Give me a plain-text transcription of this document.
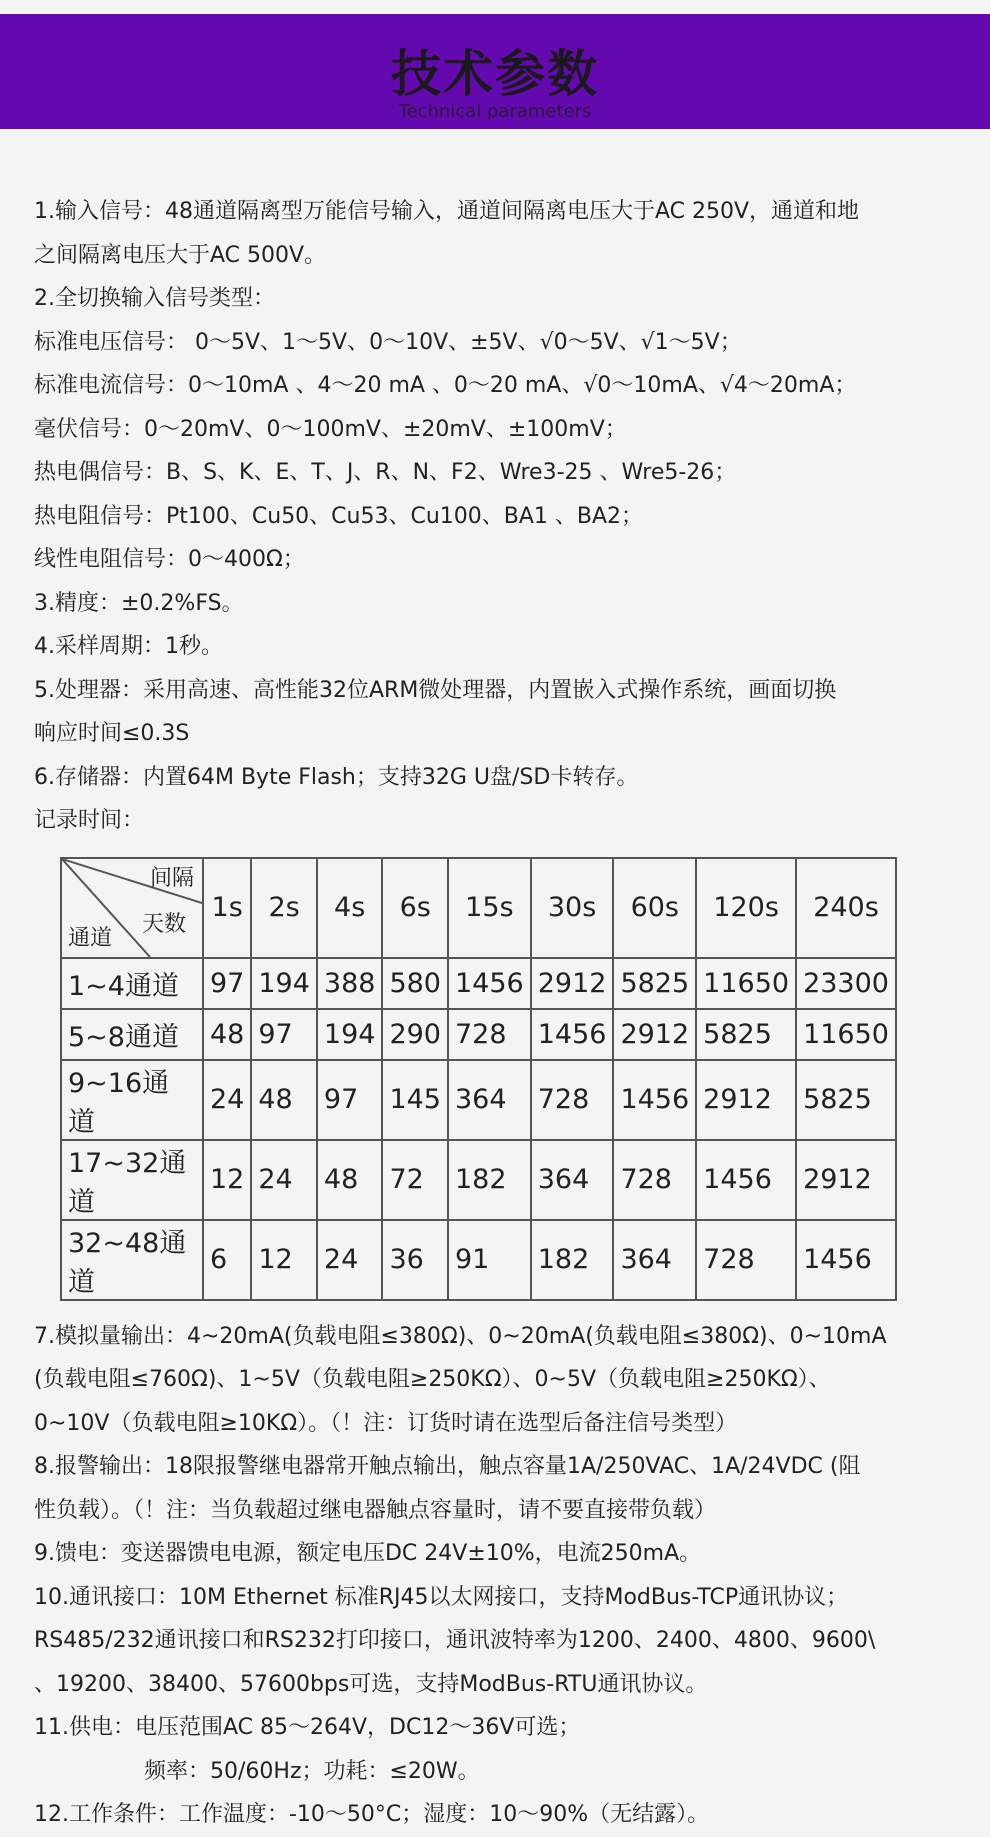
技术参数
Technical parameters
1.输入信号：48通道隔离型万能信号输入，通道间隔离电压大于AC 250V，通道和地
之间隔离电压大于AC 500V。
2.全切换输入信号类型：
标准电压信号： 0～5V、1～5V、0～10V、±5V、√0～5V、√1～5V；
标准电流信号：0～10mA 、4～20 mA 、0～20 mA、√0～10mA、√4～20mA；
毫伏信号：0～20mV、0～100mV、±20mV、±100mV；
热电偶信号：B、S、K、E、T、J、R、N、F2、Wre3-25 、Wre5-26；
热电阻信号：Pt100、Cu50、Cu53、Cu100、BA1 、BA2；
线性电阻信号：0～400Ω；
3.精度：±0.2%FS。
4.采样周期：1秒。
5.处理器：采用高速、高性能32位ARM微处理器，内置嵌入式操作系统，画面切换
响应时间≤0.3S
6.存储器：内置64M Byte Flash；支持32G U盘/SD卡转存。
记录时间：
间隔
天数
通道	1s	2s	4s	6s	15s	30s	60s	120s	240s
1~4通道	97	194	388	580	1456	2912	5825	11650	23300
5~8通道	48	97	194	290	728	1456	2912	5825	11650
9~16通道	24	48	97	145	364	728	1456	2912	5825
17~32通道	12	24	48	72	182	364	728	1456	2912
32~48通道	6	12	24	36	91	182	364	728	1456
7.模拟量输出：4~20mA(负载电阻≤380Ω)、0~20mA(负载电阻≤380Ω)、0~10mA
(负载电阻≤760Ω)、1~5V（负载电阻≥250KΩ）、0~5V（负载电阻≥250KΩ）、
0~10V（负载电阻≥10KΩ）。（！注：订货时请在选型后备注信号类型）
8.报警输出：18限报警继电器常开触点输出，触点容量1A/250VAC、1A/24VDC (阻
性负载）。（！注：当负载超过继电器触点容量时，请不要直接带负载）
9.馈电：变送器馈电电源，额定电压DC 24V±10%，电流250mA。
10.通讯接口：10M Ethernet 标准RJ45以太网接口，支持ModBus-TCP通讯协议；
RS485/232通讯接口和RS232打印接口，通讯波特率为1200、2400、4800、9600\
、19200、38400、57600bps可选，支持ModBus-RTU通讯协议。
11.供电：电压范围AC 85～264V，DC12～36V可选；
频率：50/60Hz；功耗：≤20W。
12.工作条件：工作温度：-10～50°C；湿度：10～90%（无结露）。
